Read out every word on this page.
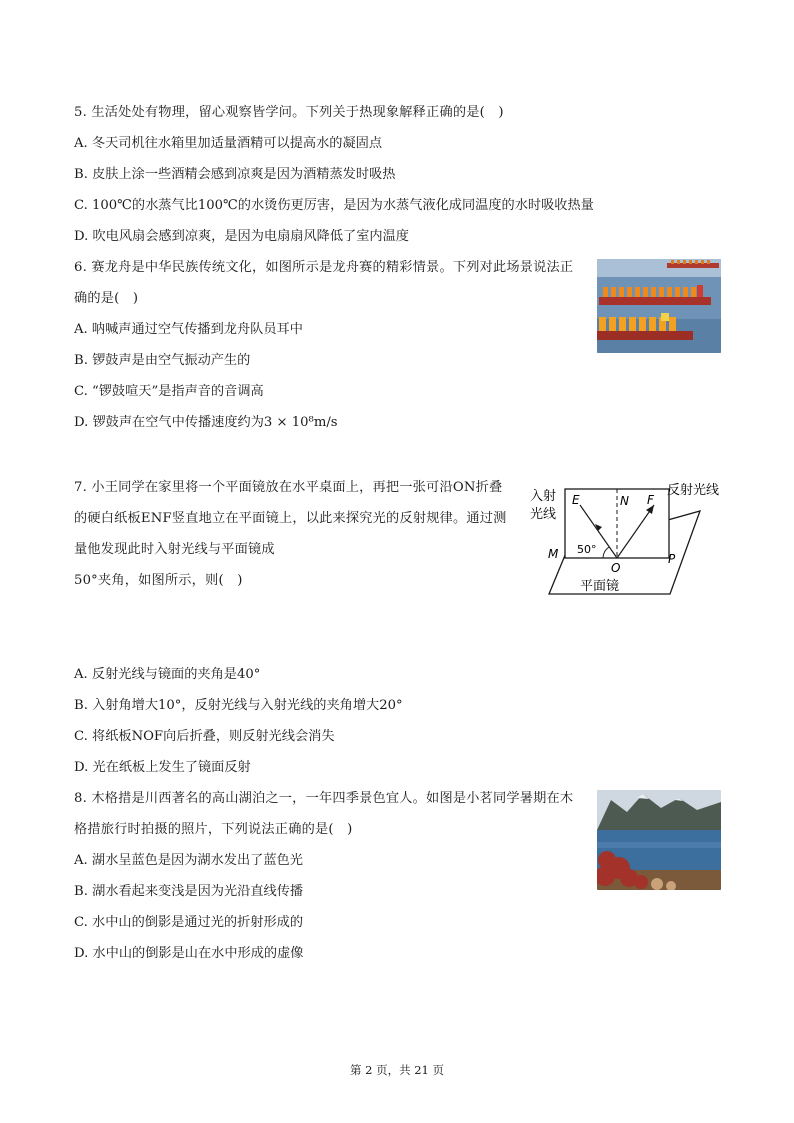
5. 生活处处有物理，留心观察皆学问。下列关于热现象解释正确的是(　)
A. 冬天司机往水箱里加适量酒精可以提高水的凝固点
B. 皮肤上涂一些酒精会感到凉爽是因为酒精蒸发时吸热
C. 100℃的水蒸气比100℃的水烫伤更厉害，是因为水蒸气液化成同温度的水时吸收热量
D. 吹电风扇会感到凉爽，是因为电扇扇风降低了室内温度
6. 赛龙舟是中华民族传统文化，如图所示是龙舟赛的精彩情景。下列对此场景说法正
确的是(　)
A. 呐喊声通过空气传播到龙舟队员耳中
B. 锣鼓声是由空气振动产生的
C. “锣鼓喧天”是指声音的音调高
D. 锣鼓声在空气中传播速度约为3 × 10⁸m/s
7. 小王同学在家里将一个平面镜放在水平桌面上，再把一张可沿ON折叠
的硬白纸板ENF竖直地立在平面镜上，以此来探究光的反射规律。通过测
量他发现此时入射光线与平面镜成
50°夹角，如图所示，则(　)
A. 反射光线与镜面的夹角是40°
B. 入射角增大10°，反射光线与入射光线的夹角增大20°
C. 将纸板NOF向后折叠，则反射光线会消失
D. 光在纸板上发生了镜面反射
入射
光线
反射光线
E	N F
O
M	P
50°
平面镜
8. 木格措是川西著名的高山湖泊之一，一年四季景色宜人。如图是小茗同学暑期在木
格措旅行时拍摄的照片，下列说法正确的是(　)
A. 湖水呈蓝色是因为湖水发出了蓝色光
B. 湖水看起来变浅是因为光沿直线传播
C. 水中山的倒影是通过光的折射形成的
D. 水中山的倒影是山在水中形成的虚像
第 2 页，共 21 页
